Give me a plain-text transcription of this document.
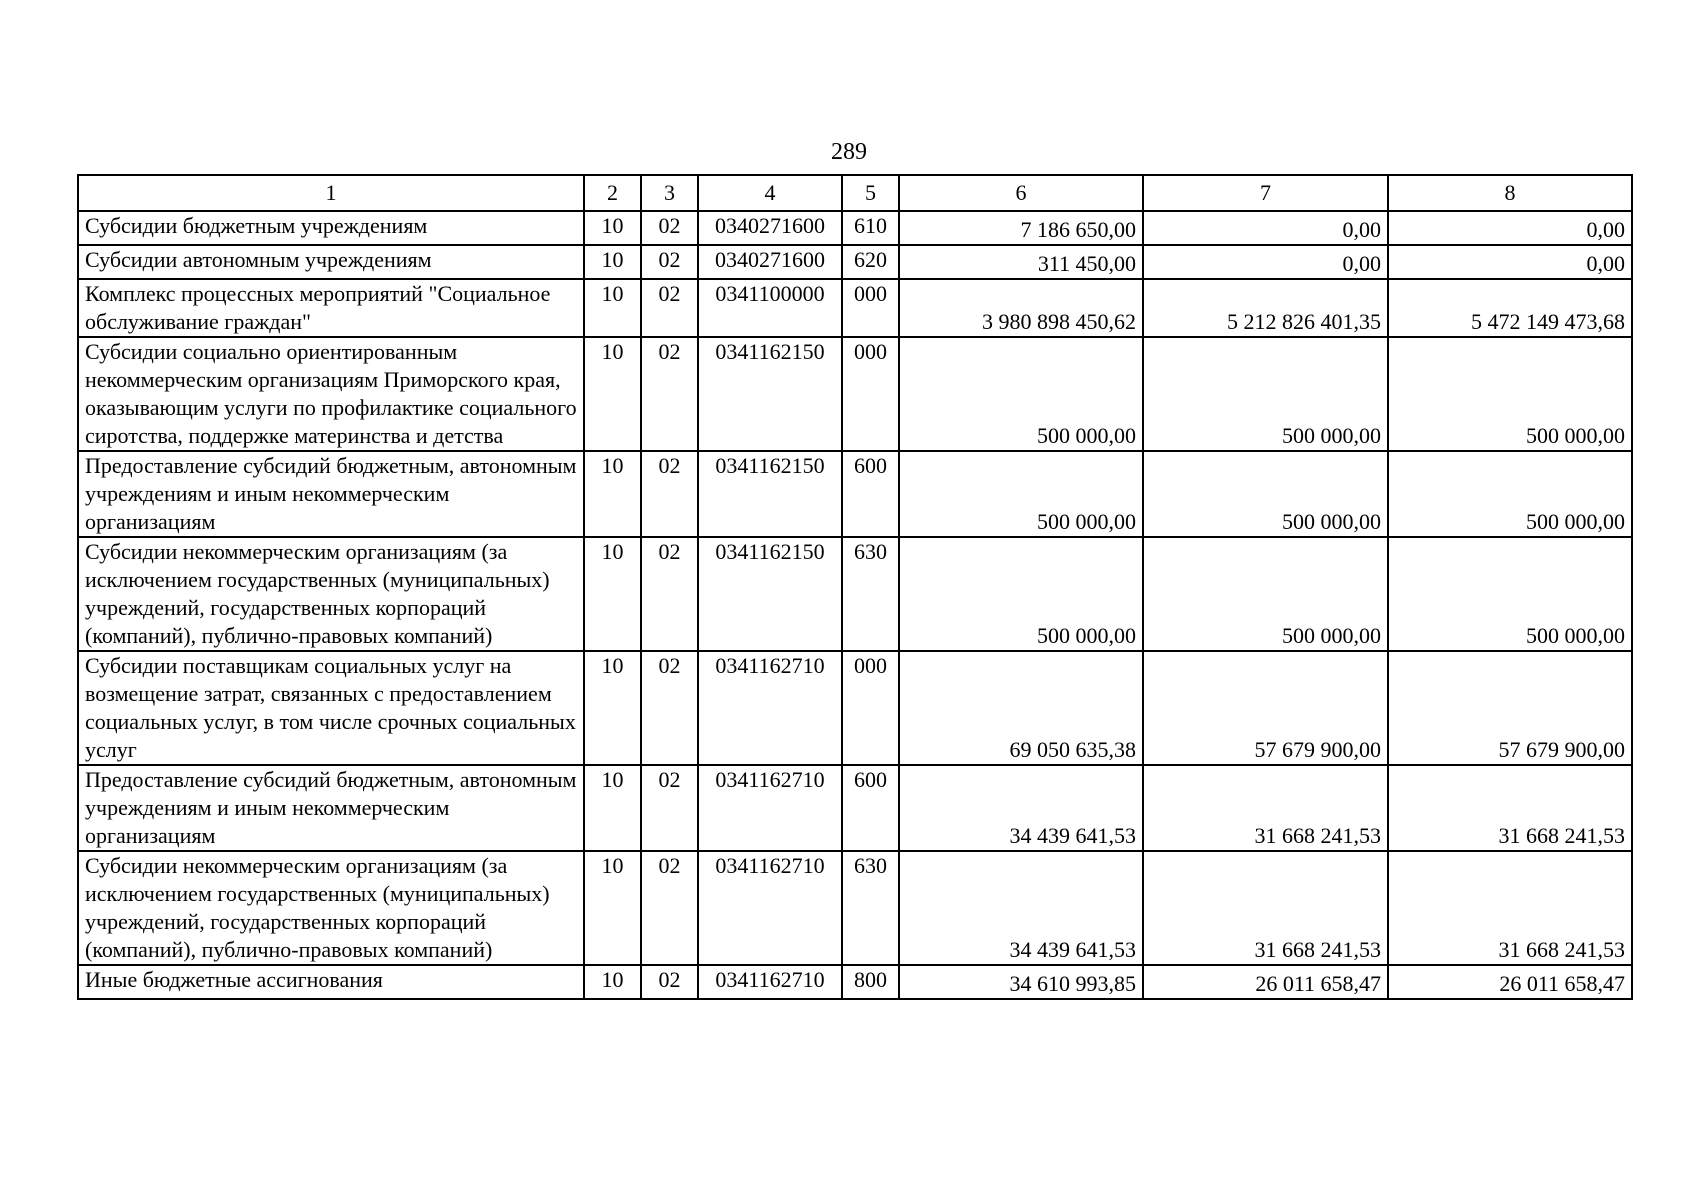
289
1	2	3	4	5	6	7	8
Субсидии бюджетным учреждениям	10	02	0340271600	610	7 186 650,00	0,00	0,00
Субсидии автономным учреждениям	10	02	0340271600	620	311 450,00	0,00	0,00
Комплекс процессных мероприятий "Социальное обслуживание граждан"	10	02	0341100000	000	3 980 898 450,62	5 212 826 401,35	5 472 149 473,68
Субсидии социально ориентированным некоммерческим организациям Приморского края, оказывающим услуги по профилактике социального сиротства, поддержке материнства и детства	10	02	0341162150	000	500 000,00	500 000,00	500 000,00
Предоставление субсидий бюджетным, автономным учреждениям и иным некоммерческим организациям	10	02	0341162150	600	500 000,00	500 000,00	500 000,00
Субсидии некоммерческим организациям (за исключением государственных (муниципальных) учреждений, государственных корпораций (компаний), публично-правовых компаний)	10	02	0341162150	630	500 000,00	500 000,00	500 000,00
Субсидии поставщикам социальных услуг на возмещение затрат, связанных с предоставлением социальных услуг, в том числе срочных социальных услуг	10	02	0341162710	000	69 050 635,38	57 679 900,00	57 679 900,00
Предоставление субсидий бюджетным, автономным учреждениям и иным некоммерческим организациям	10	02	0341162710	600	34 439 641,53	31 668 241,53	31 668 241,53
Субсидии некоммерческим организациям (за исключением государственных (муниципальных) учреждений, государственных корпораций (компаний), публично-правовых компаний)	10	02	0341162710	630	34 439 641,53	31 668 241,53	31 668 241,53
Иные бюджетные ассигнования	10	02	0341162710	800	34 610 993,85	26 011 658,47	26 011 658,47
